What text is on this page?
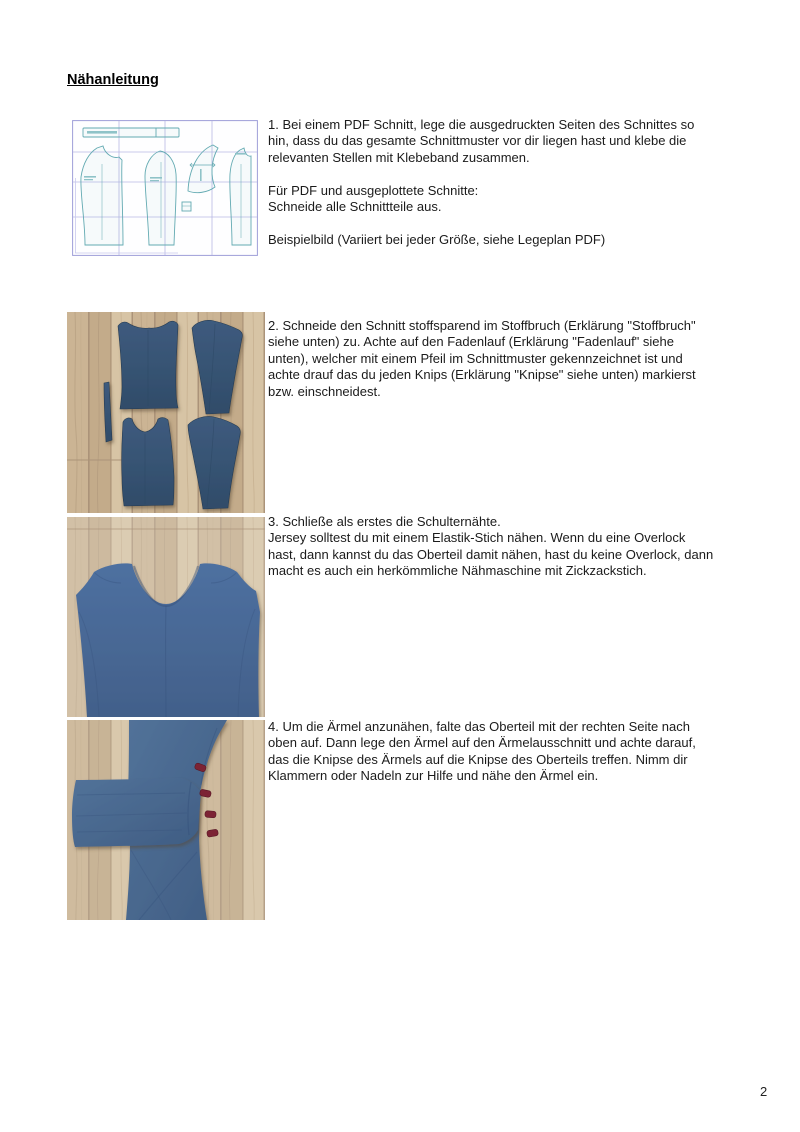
Nähanleitung
1. Bei einem PDF Schnitt, lege die ausgedruckten Seiten des Schnittes so
hin, dass du das gesamte Schnittmuster vor dir liegen hast und klebe die
relevanten Stellen mit Klebeband zusammen.
Für PDF und ausgeplottete Schnitte:
Schneide alle Schnittteile aus.
Beispielbild (Variiert bei jeder Größe, siehe Legeplan PDF)
2. Schneide den Schnitt stoffsparend im Stoffbruch (Erklärung "Stoffbruch"
siehe unten) zu. Achte auf den Fadenlauf (Erklärung "Fadenlauf" siehe
unten), welcher mit einem Pfeil im Schnittmuster gekennzeichnet ist und
achte drauf das du jeden Knips (Erklärung "Knipse" siehe unten) markierst
bzw. einschneidest.
3. Schließe als erstes die Schulternähte.
Jersey solltest du mit einem Elastik-Stich nähen. Wenn du eine Overlock
hast, dann kannst du das Oberteil damit nähen, hast du keine Overlock, dann
macht es auch ein herkömmliche Nähmaschine mit Zickzackstich.
4. Um die Ärmel anzunähen, falte das Oberteil mit der rechten Seite nach
oben auf. Dann lege den Ärmel auf den Ärmelausschnitt und achte darauf,
das die Knipse des Ärmels auf die Knipse des Oberteils treffen. Nimm dir
Klammern oder Nadeln zur Hilfe und nähe den Ärmel ein.
2
